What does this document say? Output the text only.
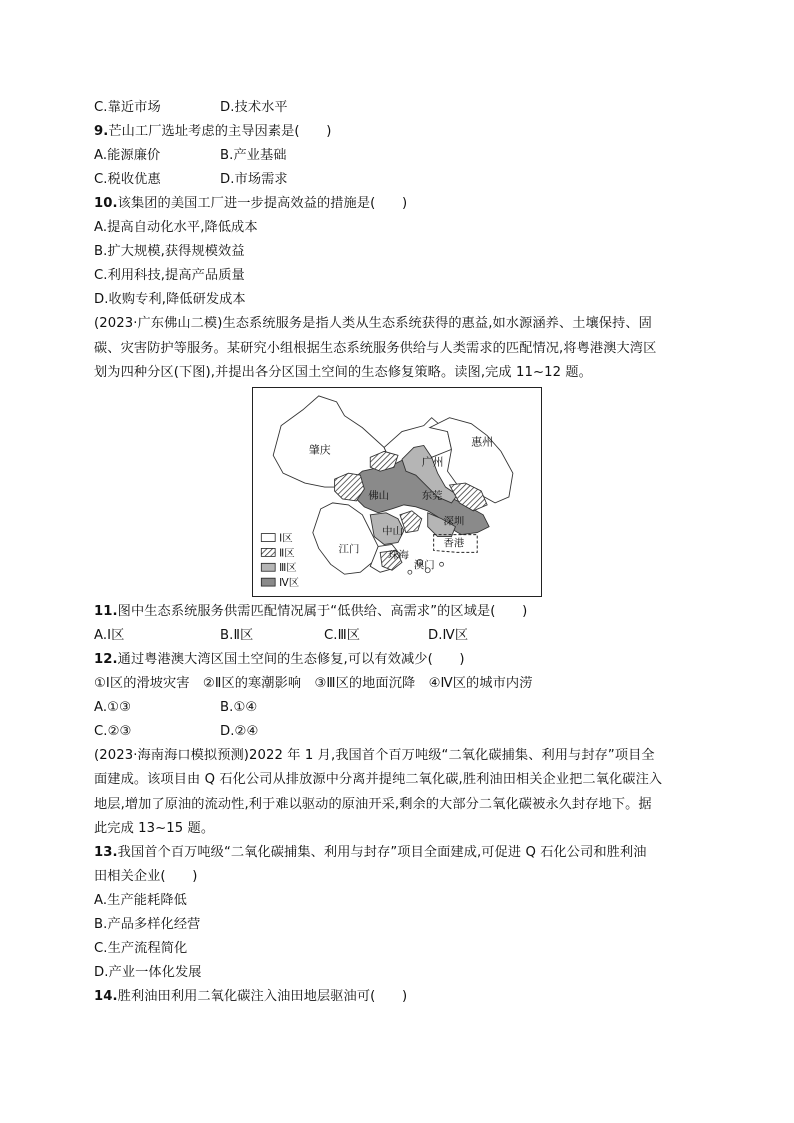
C.靠近市场	D.技术水平
9.芒山工厂选址考虑的主导因素是(　　)
A.能源廉价	B.产业基础
C.税收优惠	D.市场需求
10.该集团的美国工厂进一步提高效益的措施是(　　)
A.提高自动化水平,降低成本
B.扩大规模,获得规模效益
C.利用科技,提高产品质量
D.收购专利,降低研发成本
(2023·广东佛山二模)生态系统服务是指人类从生态系统获得的惠益,如水源涵养、土壤保持、固
碳、灾害防护等服务。某研究小组根据生态系统服务供给与人类需求的匹配情况,将粤港澳大湾区
划为四种分区(下图),并提出各分区国土空间的生态修复策略。读图,完成 11~12 题。
肇庆
广州
惠州
佛山	东莞
中山
深圳
江门	珠海
香港
澳门
Ⅰ区
Ⅱ区
Ⅲ区
Ⅳ区
11.图中生态系统服务供需匹配情况属于“低供给、高需求”的区域是(　　)
A.Ⅰ区	B.Ⅱ区	C.Ⅲ区	D.Ⅳ区
12.通过粤港澳大湾区国土空间的生态修复,可以有效减少(　　)
①Ⅰ区的滑坡灾害　②Ⅱ区的寒潮影响　③Ⅲ区的地面沉降　④Ⅳ区的城市内涝
A.①③	B.①④
C.②③	D.②④
(2023·海南海口模拟预测)2022 年 1 月,我国首个百万吨级“二氧化碳捕集、利用与封存”项目全
面建成。该项目由 Q 石化公司从排放源中分离并提纯二氧化碳,胜利油田相关企业把二氧化碳注入
地层,增加了原油的流动性,利于难以驱动的原油开采,剩余的大部分二氧化碳被永久封存地下。据
此完成 13~15 题。
13.我国首个百万吨级“二氧化碳捕集、利用与封存”项目全面建成,可促进 Q 石化公司和胜利油
田相关企业(　　)
A.生产能耗降低
B.产品多样化经营
C.生产流程简化
D.产业一体化发展
14.胜利油田利用二氧化碳注入油田地层驱油可(　　)
